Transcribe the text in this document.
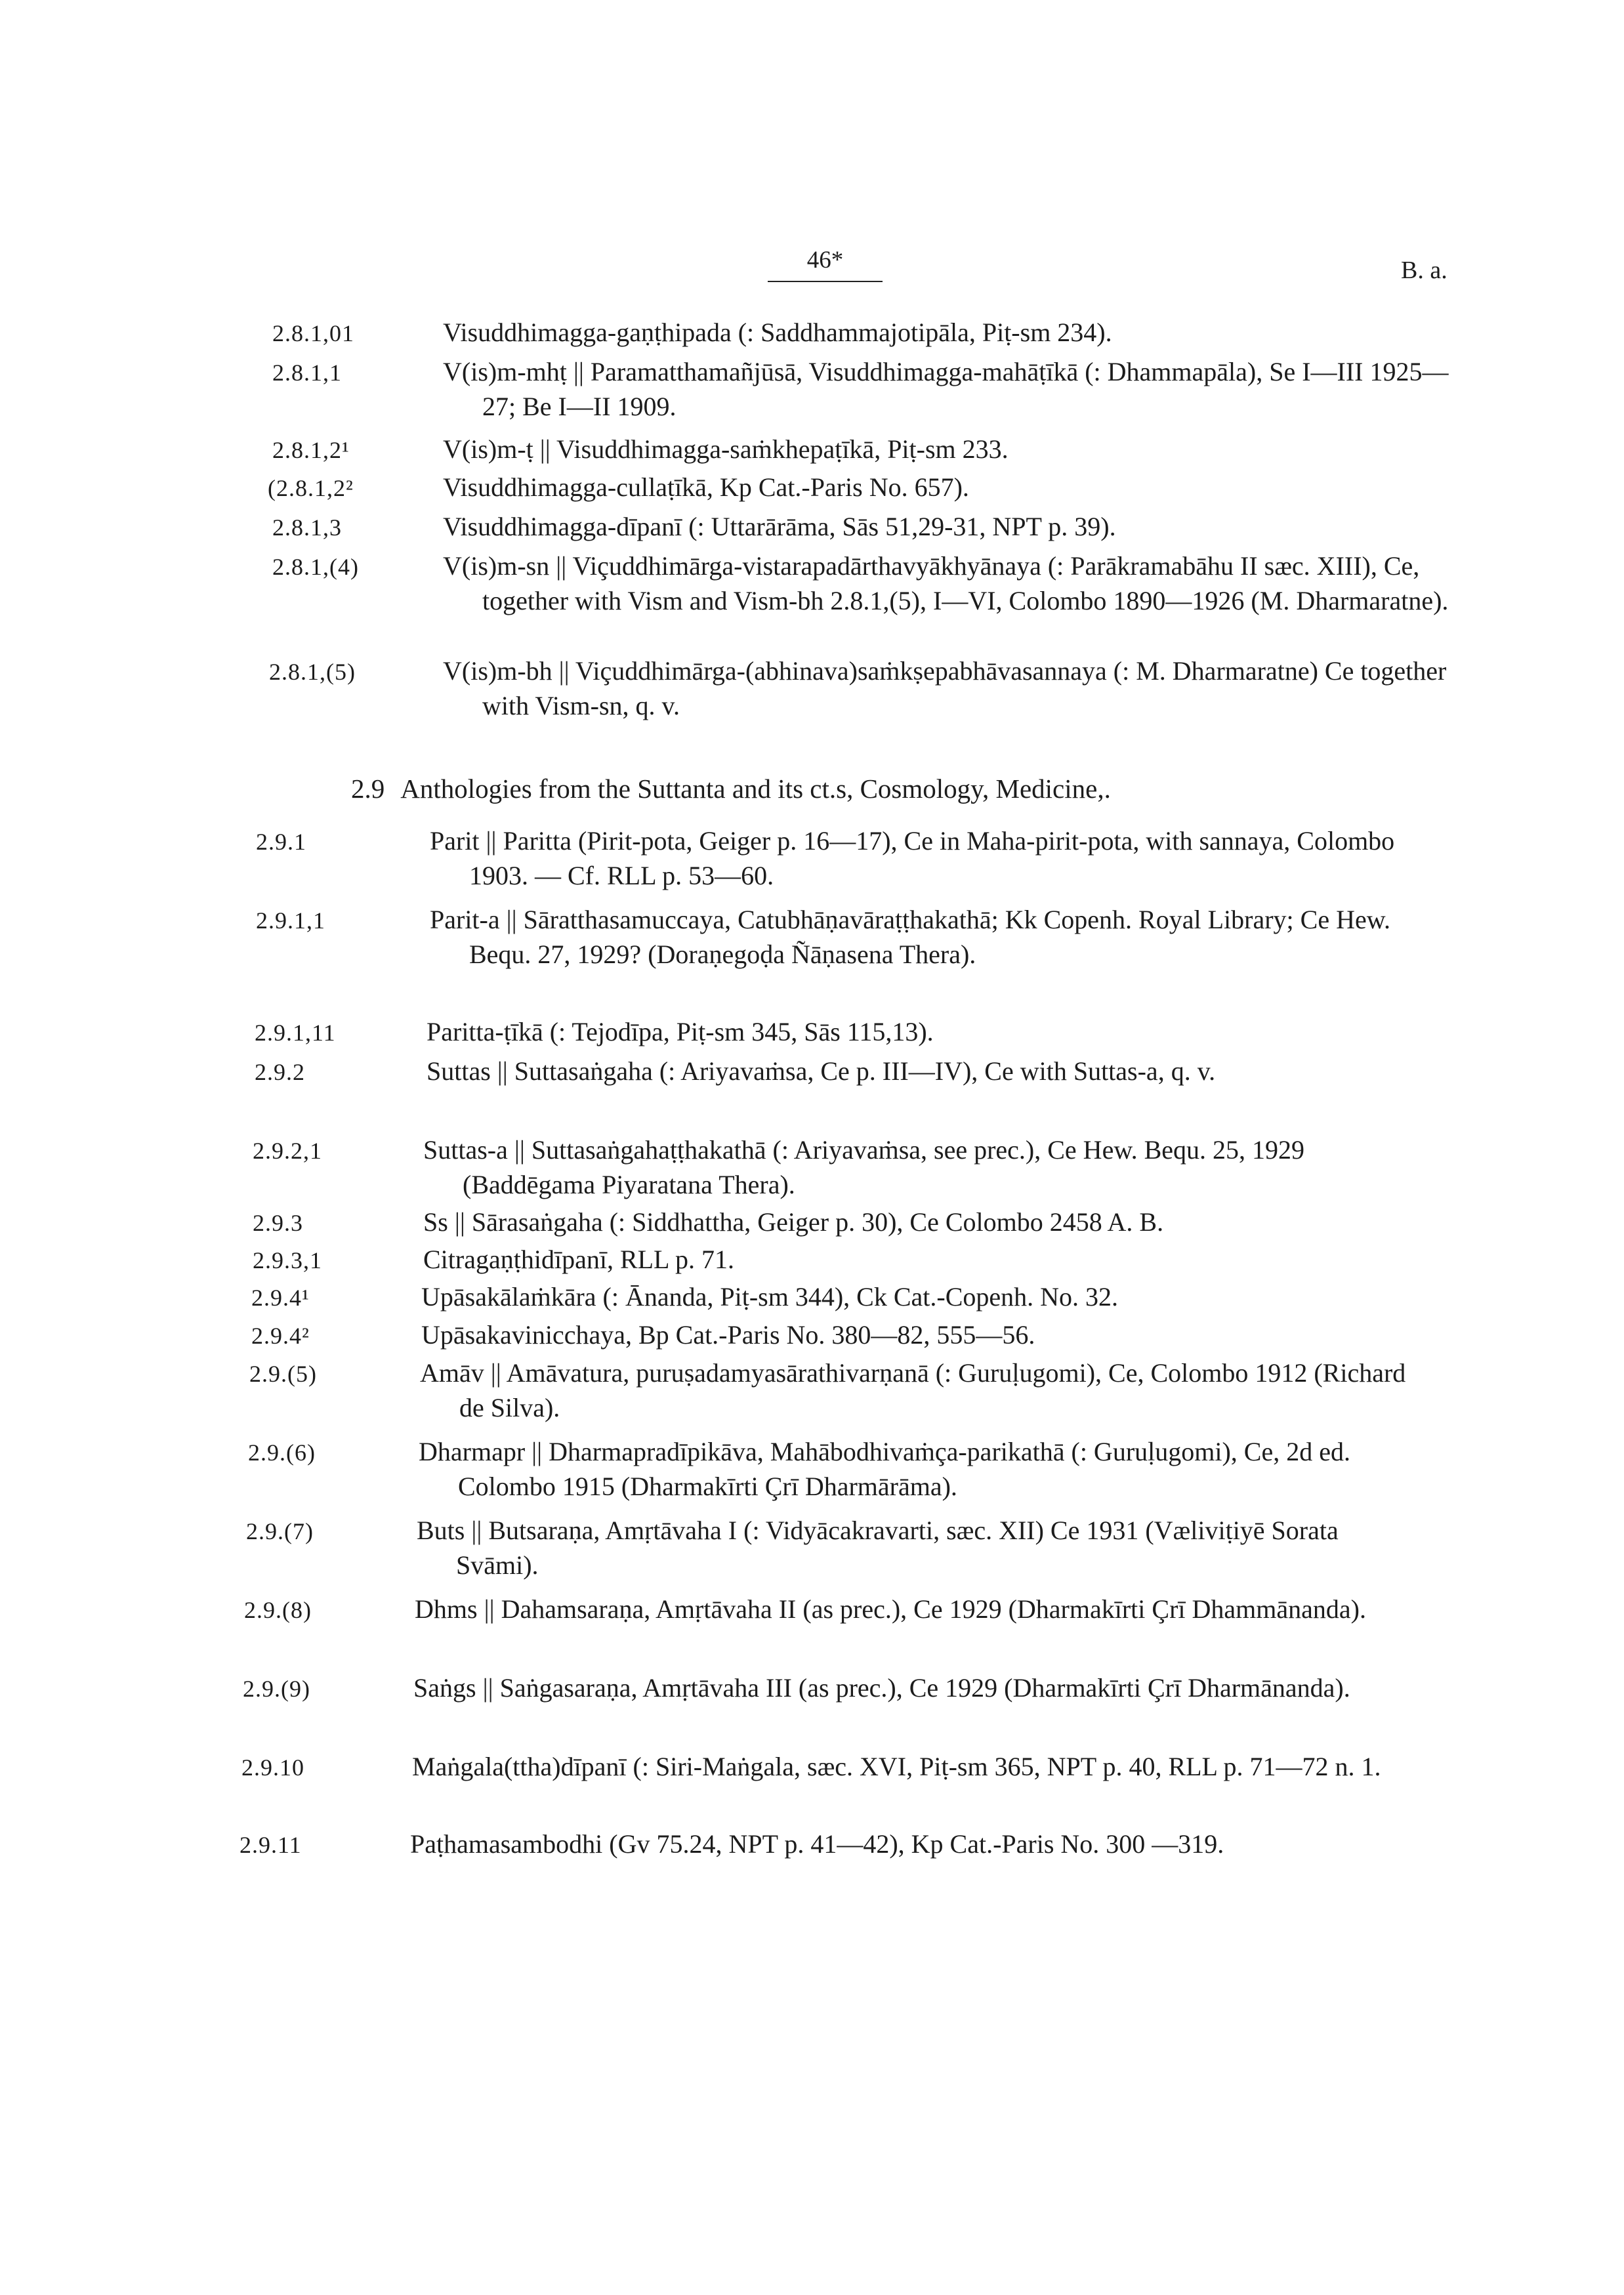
46*	B. a.
2.8.1,01	Visuddhimagga-gaṇṭhipada (: Saddhammajotipāla, Piṭ-sm 234).
2.8.1,1	V(is)m-mhṭ || Paramatthamañjūsā, Visuddhimagga-mahāṭīkā (: Dhammapāla), Se I—III 1925—27; Be I—II 1909.
2.8.1,2¹	V(is)m-ṭ || Visuddhimagga-saṁkhepaṭīkā, Piṭ-sm 233.
(2.8.1,2²	Visuddhimagga-cullaṭīkā, Kp Cat.-Paris No. 657).
2.8.1,3	Visuddhimagga-dīpanī (: Uttarārāma, Sās 51,29-31, NPT p. 39).
2.8.1,(4)	V(is)m-sn || Viçuddhimārga-vistarapadārthavyākhyānaya (: Parākramabāhu II sæc. XIII), Ce, together with Vism and Vism-bh 2.8.1,(5), I—VI, Colombo 1890—1926 (M. Dharmaratne).
2.8.1,(5)	V(is)m-bh || Viçuddhimārga-(abhinava)saṁkṣepabhāvasannaya (: M. Dharmaratne) Ce together with Vism-sn, q. v.
2.9 Anthologies from the Suttanta and its ct.s, Cosmology, Medicine,.
2.9.1	Parit || Paritta (Pirit-pota, Geiger p. 16—17), Ce in Maha-pirit-pota, with sannaya, Colombo 1903. — Cf. RLL p. 53—60.
2.9.1,1	Parit-a || Sāratthasamuccaya, Catubhāṇavāraṭṭhakathā; Kk Copenh. Royal Library; Ce Hew. Bequ. 27, 1929? (Doraṇegoḍa Ñāṇasena Thera).
2.9.1,11	Paritta-ṭīkā (: Tejodīpa, Piṭ-sm 345, Sās 115,13).
2.9.2	Suttas || Suttasaṅgaha (: Ariyavaṁsa, Ce p. III—IV), Ce with Suttas-a, q. v.
2.9.2,1	Suttas-a || Suttasaṅgahaṭṭhakathā (: Ariyavaṁsa, see prec.), Ce Hew. Bequ. 25, 1929 (Baddēgama Piyaratana Thera).
2.9.3	Ss || Sārasaṅgaha (: Siddhattha, Geiger p. 30), Ce Colombo 2458 A. B.
2.9.3,1	Citragaṇṭhidīpanī, RLL p. 71.
2.9.4¹	Upāsakālaṁkāra (: Ānanda, Piṭ-sm 344), Ck Cat.-Copenh. No. 32.
2.9.4²	Upāsakavinicchaya, Bp Cat.-Paris No. 380—82, 555—56.
2.9.(5)	Amāv || Amāvatura, puruṣadamyasārathivarṇanā (: Guruḷugomi), Ce, Colombo 1912 (Richard de Silva).
2.9.(6)	Dharmapr || Dharmapradīpikāva, Mahābodhivaṁça-parikathā (: Guruḷugomi), Ce, 2d ed. Colombo 1915 (Dharmakīrti Çrī Dharmārāma).
2.9.(7)	Buts || Butsaraṇa, Amṛtāvaha I (: Vidyācakravarti, sæc. XII) Ce 1931 (Væliviṭiyē Sorata Svāmi).
2.9.(8)	Dhms || Dahamsaraṇa, Amṛtāvaha II (as prec.), Ce 1929 (Dharmakīrti Çrī Dhammānanda).
2.9.(9)	Saṅgs || Saṅgasaraṇa, Amṛtāvaha III (as prec.), Ce 1929 (Dharmakīrti Çrī Dharmānanda).
2.9.10	Maṅgala(ttha)dīpanī (: Siri-Maṅgala, sæc. XVI, Piṭ-sm 365, NPT p. 40, RLL p. 71—72 n. 1.
2.9.11	Paṭhamasambodhi (Gv 75.24, NPT p. 41—42), Kp Cat.-Paris No. 300 —319.
